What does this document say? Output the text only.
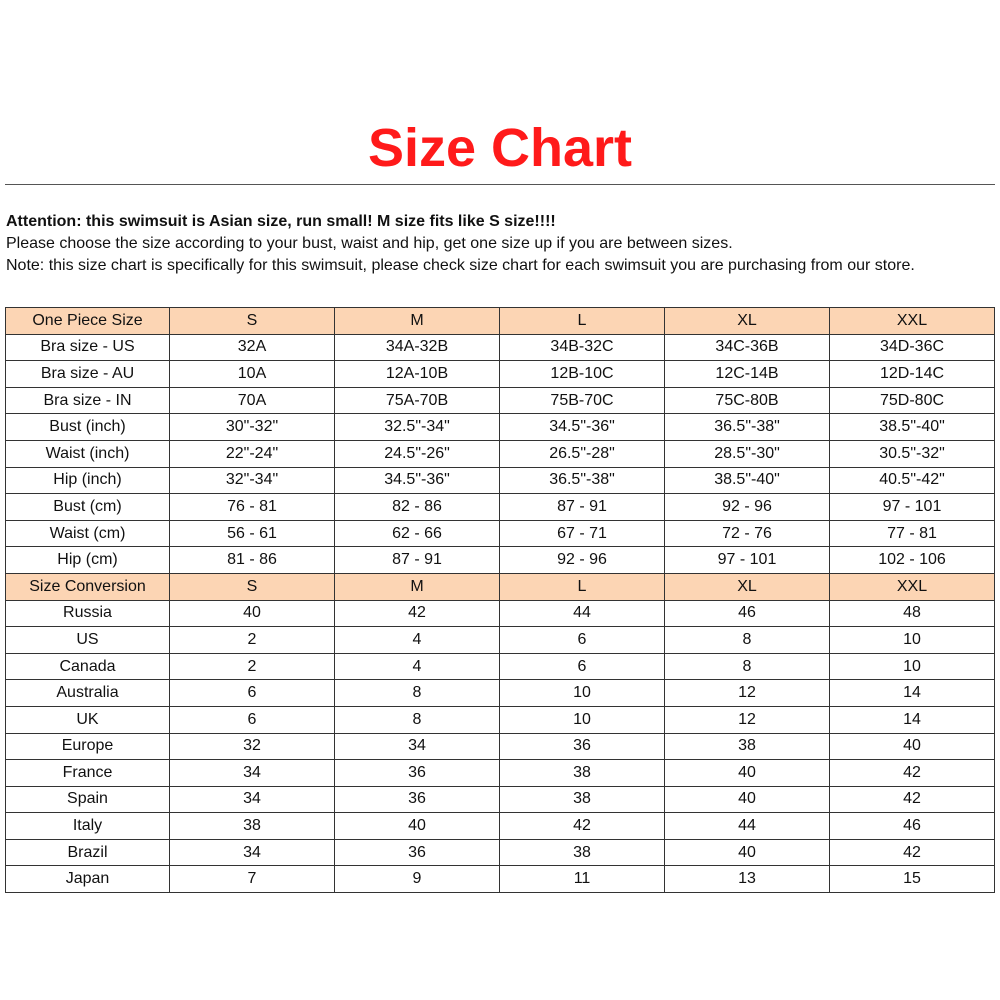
Size Chart
Attention: this swimsuit is Asian size, run small! M size fits like S size!!!!
Please choose the size according to your bust, waist and hip, get one size up if you are between sizes.
Note: this size chart is specifically for this swimsuit, please check size chart for each swimsuit you are purchasing from our store.
One Piece Size	S	M	L	XL	XXL
Bra size - US	32A	34A-32B	34B-32C	34C-36B	34D-36C
Bra size - AU	10A	12A-10B	12B-10C	12C-14B	12D-14C
Bra size - IN	70A	75A-70B	75B-70C	75C-80B	75D-80C
Bust (inch)	30"-32"	32.5"-34"	34.5"-36"	36.5"-38"	38.5"-40"
Waist (inch)	22"-24"	24.5"-26"	26.5"-28"	28.5"-30"	30.5"-32"
Hip (inch)	32"-34"	34.5"-36"	36.5"-38"	38.5"-40"	40.5"-42"
Bust (cm)	76 - 81	82 - 86	87 - 91	92 - 96	97 - 101
Waist (cm)	56 - 61	62 - 66	67 - 71	72 - 76	77 - 81
Hip (cm)	81 - 86	87 - 91	92 - 96	97 - 101	102 - 106
Size Conversion	S	M	L	XL	XXL
Russia	40	42	44	46	48
US	2	4	6	8	10
Canada	2	4	6	8	10
Australia	6	8	10	12	14
UK	6	8	10	12	14
Europe	32	34	36	38	40
France	34	36	38	40	42
Spain	34	36	38	40	42
Italy	38	40	42	44	46
Brazil	34	36	38	40	42
Japan	7	9	11	13	15
